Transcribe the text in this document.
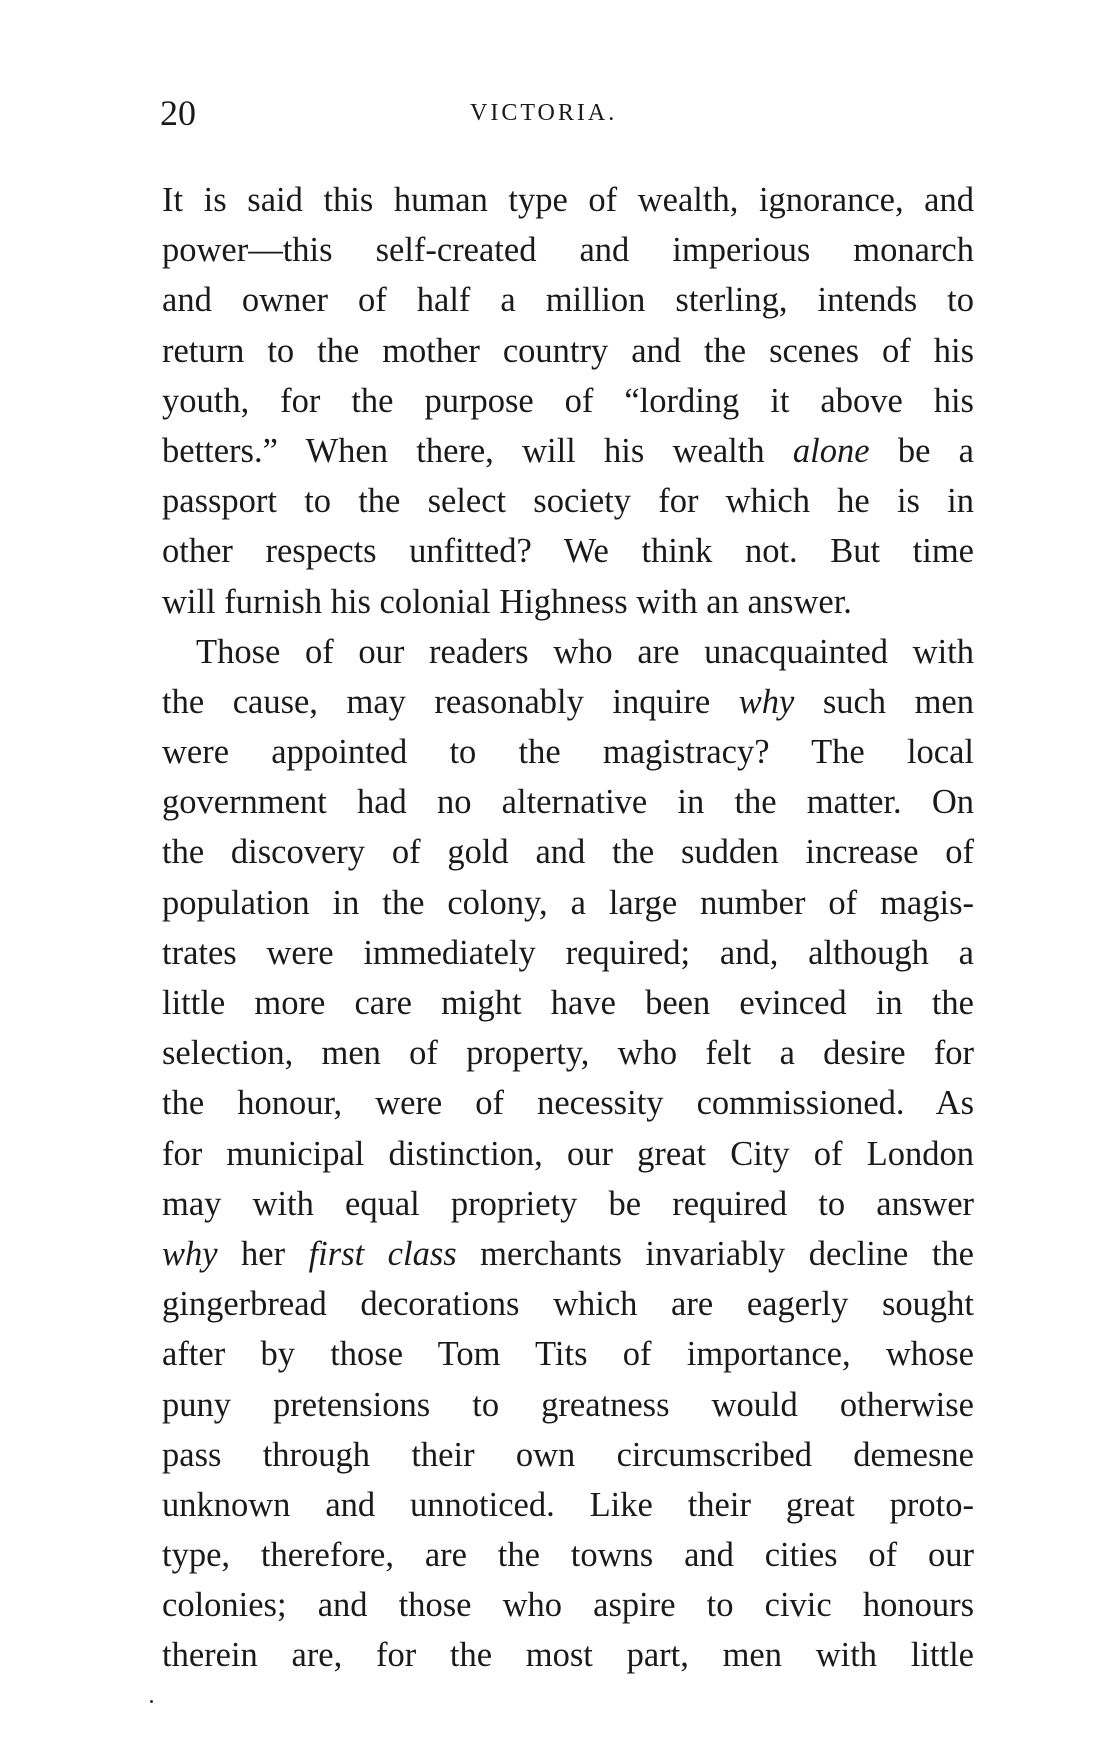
20	VICTORIA.
It is said this human type of wealth, ignorance, and
power—this self-created and imperious monarch
and owner of half a million sterling, intends to
return to the mother country and the scenes of his
youth, for the purpose of “lording it above his
betters.” When there, will his wealth alone be a
passport to the select society for which he is in
other respects unfitted? We think not. But time
will furnish his colonial Highness with an answer.
Those of our readers who are unacquainted with
the cause, may reasonably inquire why such men
were appointed to the magistracy? The local
government had no alternative in the matter. On
the discovery of gold and the sudden increase of
population in the colony, a large number of magis-
trates were immediately required; and, although a
little more care might have been evinced in the
selection, men of property, who felt a desire for
the honour, were of necessity commissioned. As
for municipal distinction, our great City of London
may with equal propriety be required to answer
why her first class merchants invariably decline the
gingerbread decorations which are eagerly sought
after by those Tom Tits of importance, whose
puny pretensions to greatness would otherwise
pass through their own circumscribed demesne
unknown and unnoticed. Like their great proto-
type, therefore, are the towns and cities of our
colonies; and those who aspire to civic honours
therein are, for the most part, men with little
